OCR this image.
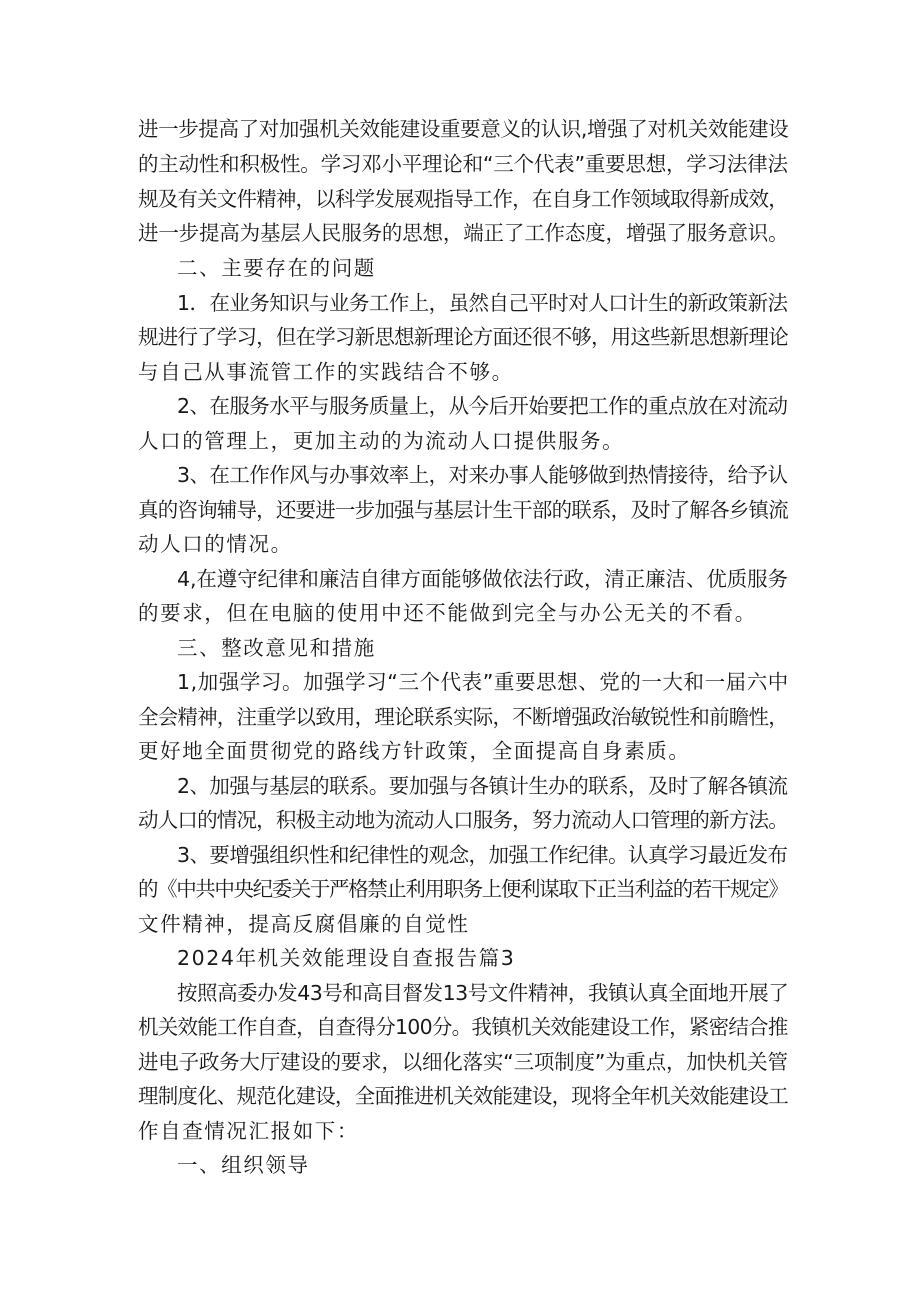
进一步提高了对加强机关效能建设重要意义的认识,增强了对机关效能建设
的主动性和积极性。学习邓小平理论和“三个代表”重要思想，学习法律法
规及有关文件精神，以科学发展观指导工作，在自身工作领域取得新成效，
进一步提高为基层人民服务的思想，端正了工作态度，增强了服务意识。
二、主要存在的问题
1．在业务知识与业务工作上，虽然自己平时对人口计生的新政策新法
规进行了学习，但在学习新思想新理论方面还很不够，用这些新思想新理论
与自己从事流管工作的实践结合不够。
2、在服务水平与服务质量上，从今后开始要把工作的重点放在对流动
人口的管理上，更加主动的为流动人口提供服务。
3、在工作作风与办事效率上，对来办事人能够做到热情接待，给予认
真的咨询辅导，还要进一步加强与基层计生干部的联系，及时了解各乡镇流
动人口的情况。
4,在遵守纪律和廉洁自律方面能够做依法行政，清正廉洁、优质服务
的要求，但在电脑的使用中还不能做到完全与办公无关的不看。
三、整改意见和措施
1,加强学习。加强学习“三个代表”重要思想、党的一大和一届六中
全会精神，注重学以致用，理论联系实际，不断增强政治敏锐性和前瞻性，
更好地全面贯彻党的路线方针政策，全面提高自身素质。
2、加强与基层的联系。要加强与各镇计生办的联系，及时了解各镇流
动人口的情况，积极主动地为流动人口服务，努力流动人口管理的新方法。
3、要增强组织性和纪律性的观念，加强工作纪律。认真学习最近发布
的《中共中央纪委关于严格禁止利用职务上便利谋取下正当利益的若干规定》
文件精神，提高反腐倡廉的自觉性
2024年机关效能理设自查报告篇3
按照高委办发43号和高目督发13号文件精神，我镇认真全面地开展了
机关效能工作自查，自查得分100分。我镇机关效能建设工作，紧密结合推
进电子政务大厅建设的要求，以细化落实“三项制度”为重点，加快机关管
理制度化、规范化建设，全面推进机关效能建设，现将全年机关效能建设工
作自查情况汇报如下：
一、组织领导
